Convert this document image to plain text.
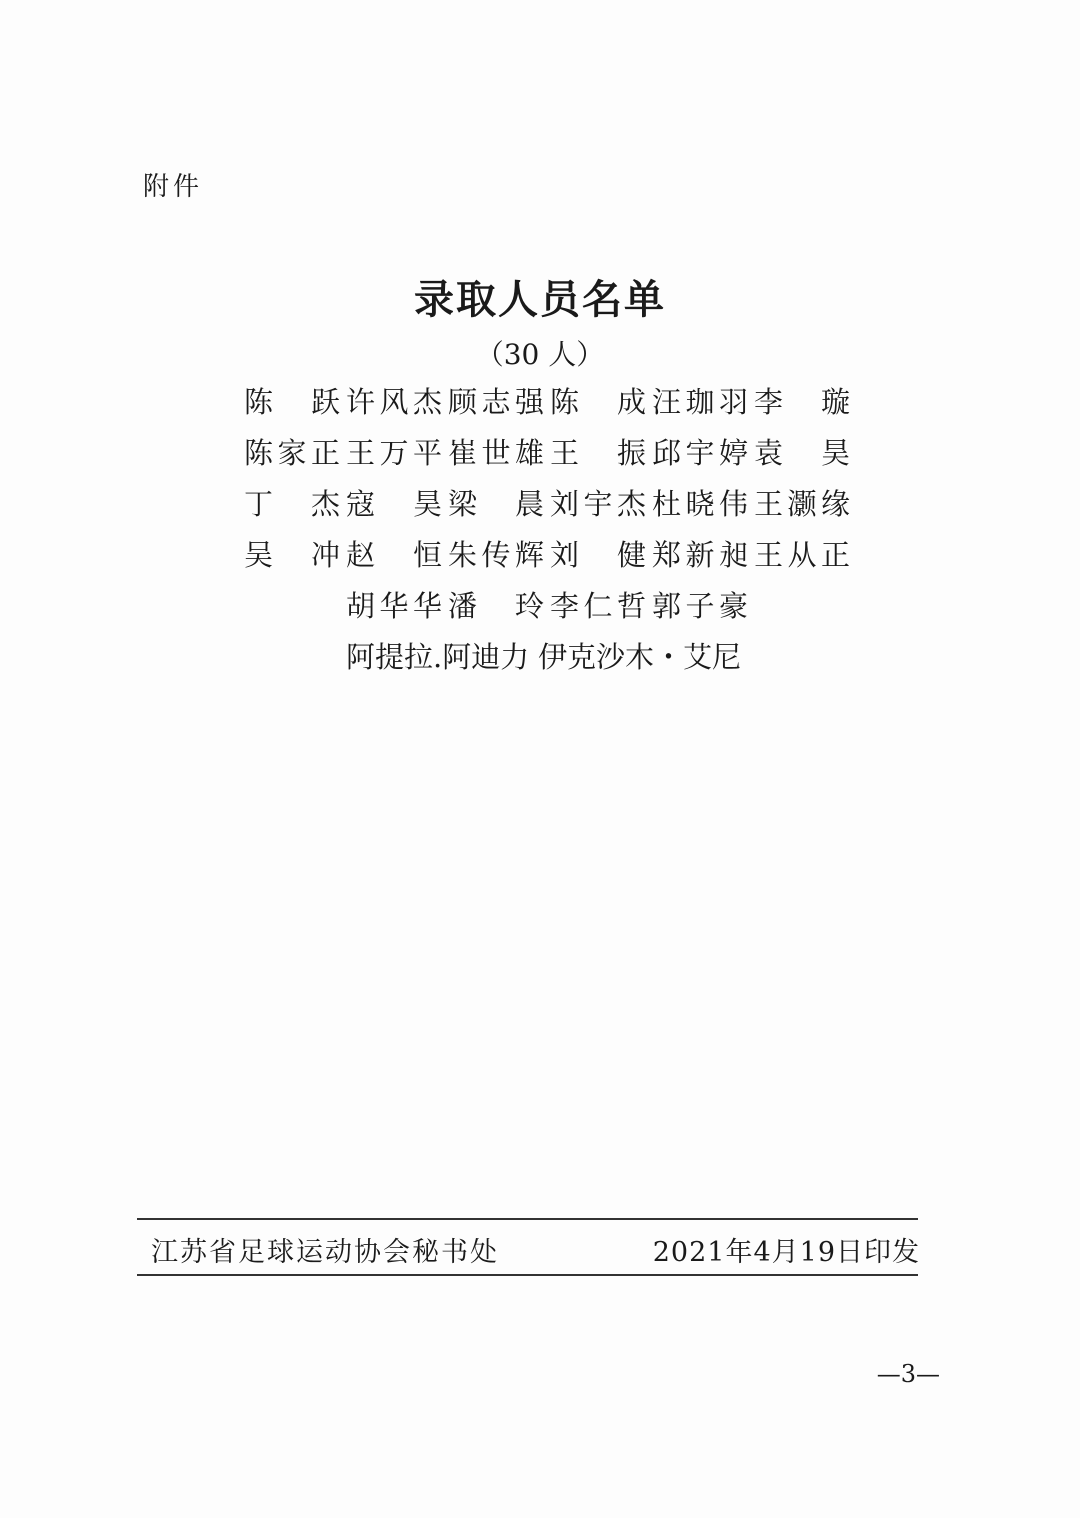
附件
录取人员名单
（30 人）
陈
跃 许 风 杰 顾 志 强 陈
成 汪 珈 羽 李
璇
陈 家 正 王 万 平 崔 世 雄 王
振 邱 宇 婷 袁
昊
丁
杰 寇
昊 梁
晨 刘 宇 杰 杜 晓 伟 王 灏 缘
吴
冲 赵
恒 朱 传 辉 刘
健 郑 新 昶 王 从 正
胡 华 华 潘
玲 李 仁 哲 郭 子 豪
阿提拉.阿迪力 伊克沙木・艾尼
江苏省足球运动协会秘书处	2021年4月19日印发
—3—
